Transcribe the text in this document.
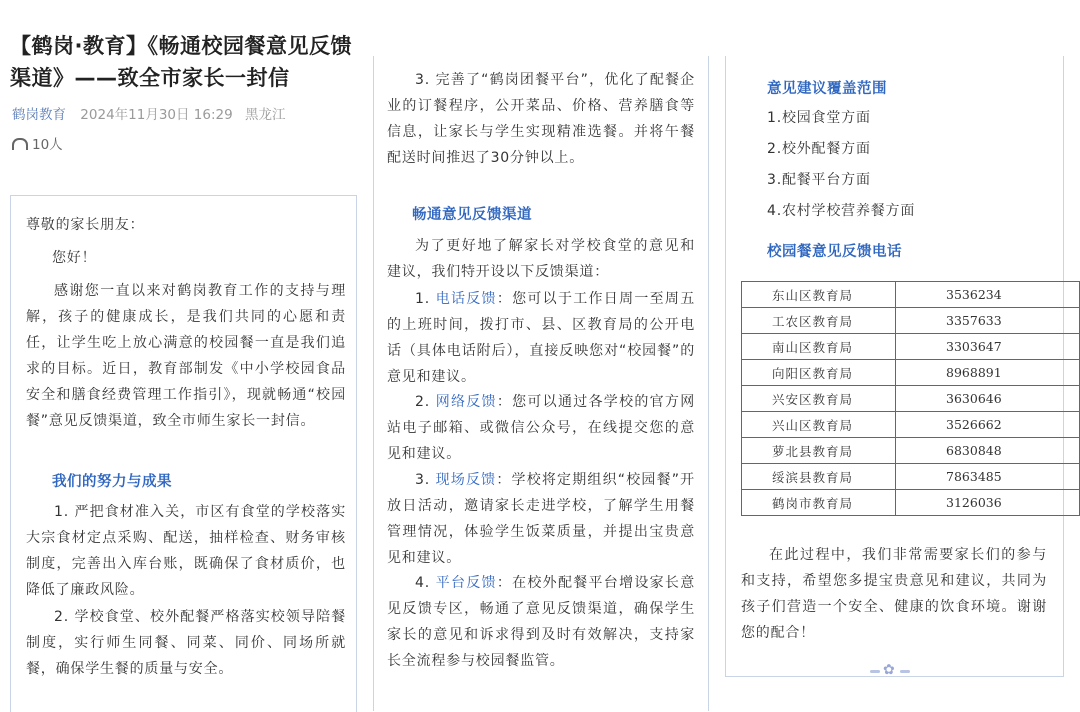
【鹤岗·教育】《畅通校园餐意见反馈渠道》——致全市家长一封信
鹤岗教育 2024年11月30日 16:29 黑龙江
10人

尊敬的家长朋友：

您好！

感谢您一直以来对鹤岗教育工作的支持与理解，孩子的健康成长，是我们共同的心愿和责任，让学生吃上放心满意的校园餐一直是我们追求的目标。近日，教育部制发《中小学校园食品安全和膳食经费管理工作指引》，现就畅通“校园餐”意见反馈渠道，致全市师生家长一封信。

我们的努力与成果

1. 严把食材准入关，市区有食堂的学校落实大宗食材定点采购、配送，抽样检查、财务审核制度，完善出入库台账，既确保了食材质价，也降低了廉政风险。

2. 学校食堂、校外配餐严格落实校领导陪餐制度，实行师生同餐、同菜、同价、同场所就餐，确保学生餐的质量与安全。

3. 完善了“鹤岗团餐平台”，优化了配餐企业的订餐程序，公开菜品、价格、营养膳食等信息，让家长与学生实现精准选餐。并将午餐配送时间推迟了30分钟以上。

畅通意见反馈渠道

为了更好地了解家长对学校食堂的意见和建议，我们特开设以下反馈渠道：

1. 电话反馈：您可以于工作日周一至周五的上班时间，拨打市、县、区教育局的公开电话（具体电话附后），直接反映您对“校园餐”的意见和建议。

2. 网络反馈：您可以通过各学校的官方网站电子邮箱、或微信公众号，在线提交您的意见和建议。

3. 现场反馈：学校将定期组织“校园餐”开放日活动，邀请家长走进学校，了解学生用餐管理情况，体验学生饭菜质量，并提出宝贵意见和建议。

4. 平台反馈：在校外配餐平台增设家长意见反馈专区，畅通了意见反馈渠道，确保学生家长的意见和诉求得到及时有效解决，支持家长全流程参与校园餐监管。

意见建议覆盖范围

1.校园食堂方面

2.校外配餐方面

3.配餐平台方面

4.农村学校营养餐方面

校园餐意见反馈电话

东山区教育局	3536234
工农区教育局	3357633
南山区教育局	3303647
向阳区教育局	8968891
兴安区教育局	3630646
兴山区教育局	3526662
萝北县教育局	6830848
绥滨县教育局	7863485
鹤岗市教育局	3126036

在此过程中，我们非常需要家长们的参与和支持，希望您多提宝贵意见和建议，共同为孩子们营造一个安全、健康的饮食环境。谢谢您的配合！

✿
